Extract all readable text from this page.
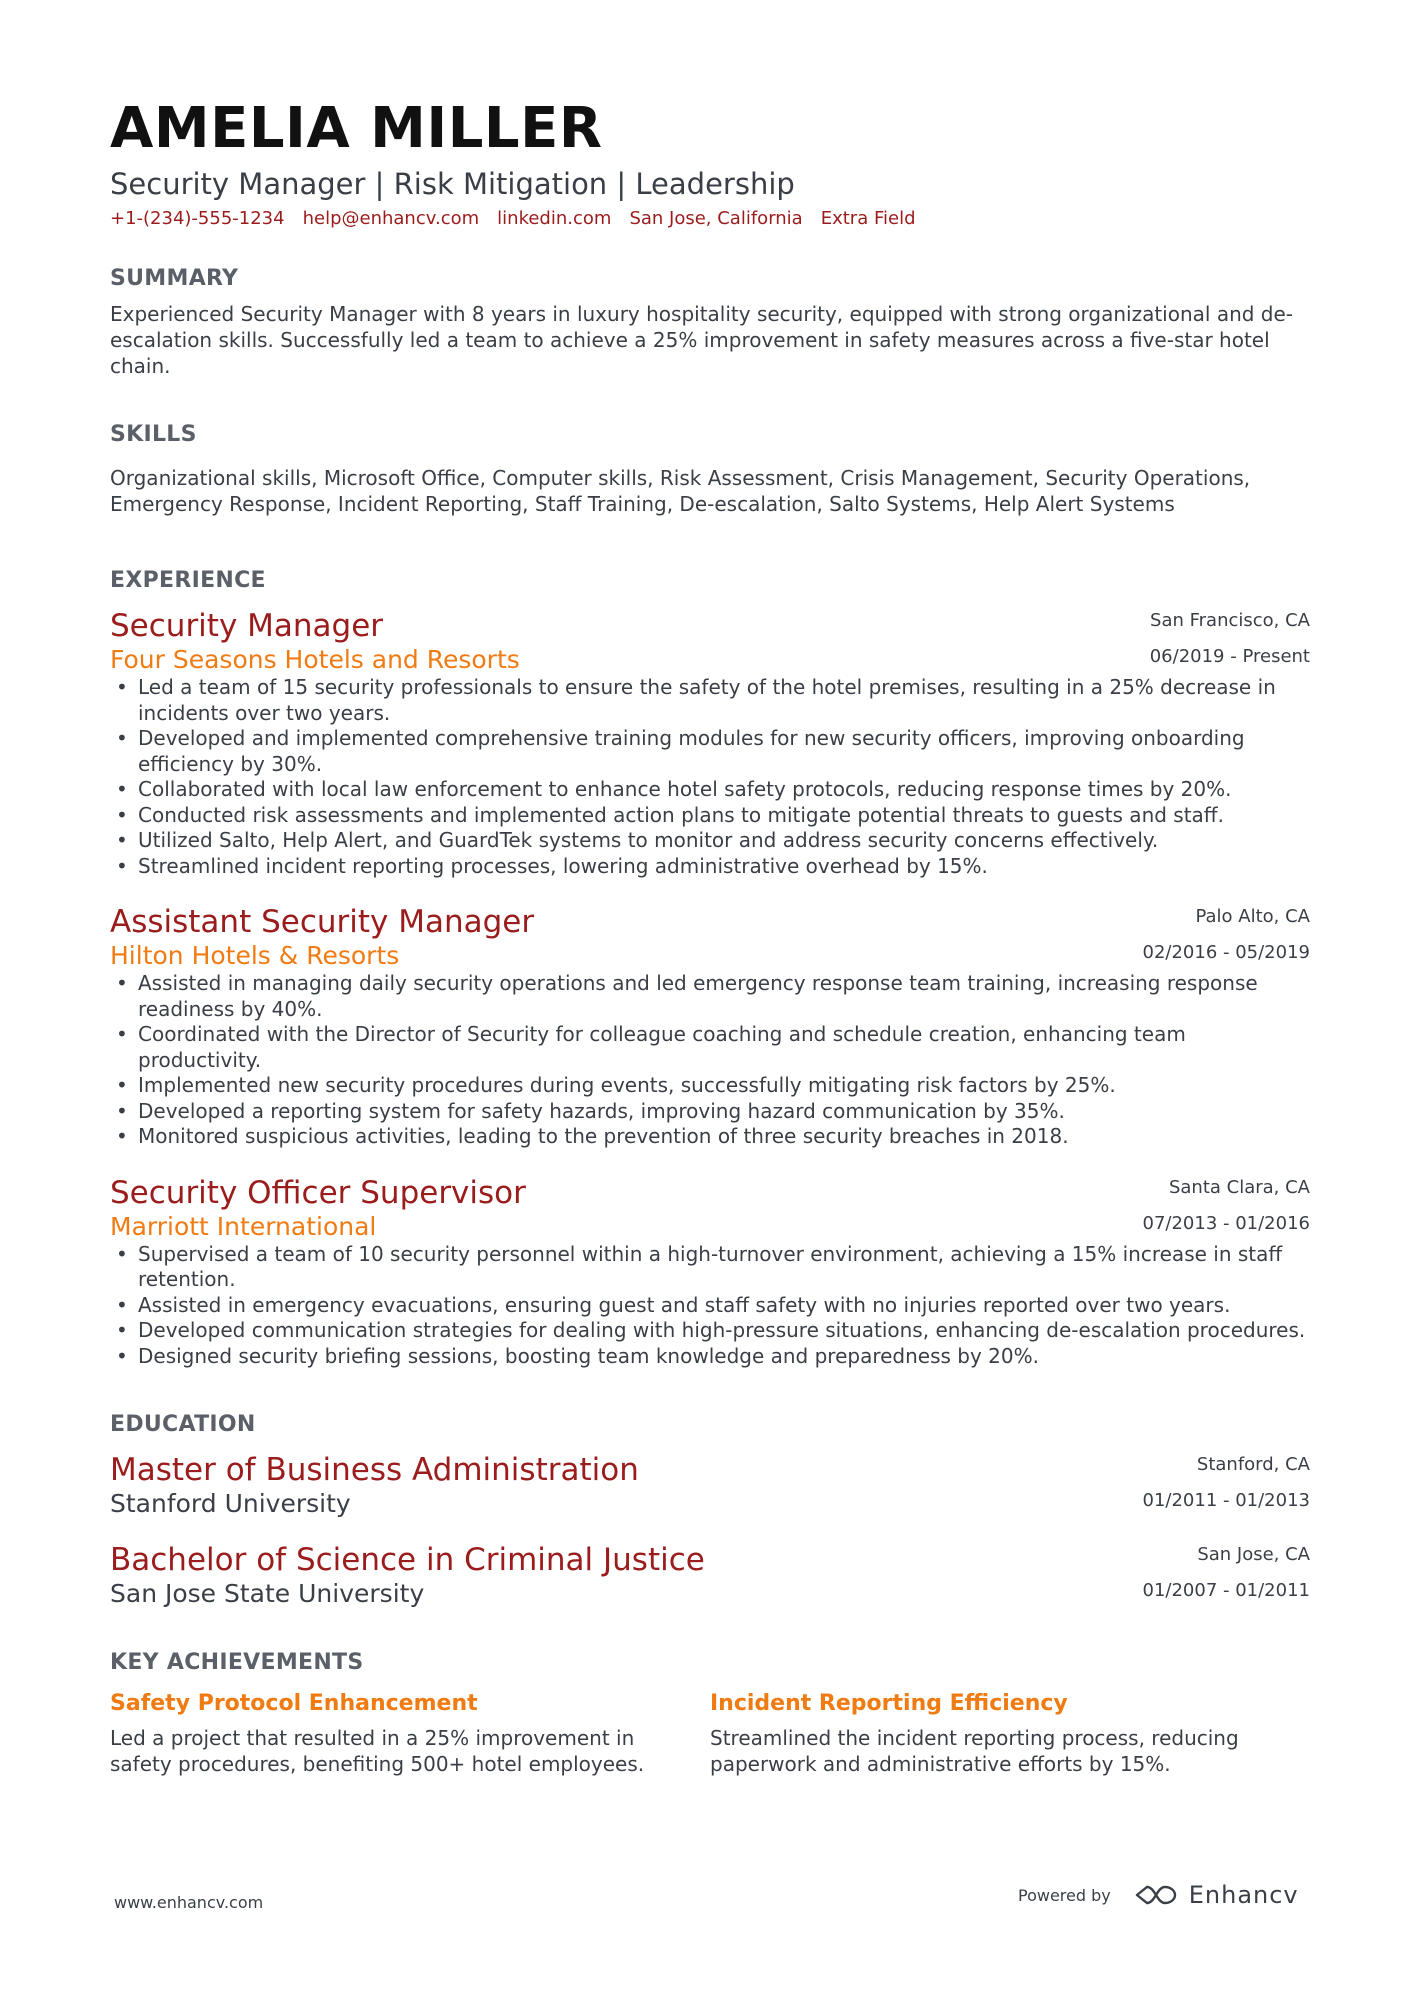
AMELIA MILLER
Security Manager | Risk Mitigation | Leadership
+1-(234)-555-1234 help@enhancv.com linkedin.com San Jose, California Extra Field
SUMMARY
Experienced Security Manager with 8 years in luxury hospitality security, equipped with strong organizational and de-escalation skills. Successfully led a team to achieve a 25% improvement in safety measures across a five-star hotel chain.
SKILLS
Organizational skills, Microsoft Office, Computer skills, Risk Assessment, Crisis Management, Security Operations, Emergency Response, Incident Reporting, Staff Training, De-escalation, Salto Systems, Help Alert Systems
EXPERIENCE
Security Manager
Four Seasons Hotels and Resorts
San Francisco, CA
06/2019 - Present
• Led a team of 15 security professionals to ensure the safety of the hotel premises, resulting in a 25% decrease in incidents over two years.
• Developed and implemented comprehensive training modules for new security officers, improving onboarding efficiency by 30%.
• Collaborated with local law enforcement to enhance hotel safety protocols, reducing response times by 20%.
• Conducted risk assessments and implemented action plans to mitigate potential threats to guests and staff.
• Utilized Salto, Help Alert, and GuardTek systems to monitor and address security concerns effectively.
• Streamlined incident reporting processes, lowering administrative overhead by 15%.
Assistant Security Manager
Hilton Hotels & Resorts
Palo Alto, CA
02/2016 - 05/2019
• Assisted in managing daily security operations and led emergency response team training, increasing response readiness by 40%.
• Coordinated with the Director of Security for colleague coaching and schedule creation, enhancing team productivity.
• Implemented new security procedures during events, successfully mitigating risk factors by 25%.
• Developed a reporting system for safety hazards, improving hazard communication by 35%.
• Monitored suspicious activities, leading to the prevention of three security breaches in 2018.
Security Officer Supervisor
Marriott International
Santa Clara, CA
07/2013 - 01/2016
• Supervised a team of 10 security personnel within a high-turnover environment, achieving a 15% increase in staff retention.
• Assisted in emergency evacuations, ensuring guest and staff safety with no injuries reported over two years.
• Developed communication strategies for dealing with high-pressure situations, enhancing de-escalation procedures.
• Designed security briefing sessions, boosting team knowledge and preparedness by 20%.
EDUCATION
Master of Business Administration
Stanford University
Stanford, CA
01/2011 - 01/2013
Bachelor of Science in Criminal Justice
San Jose State University
San Jose, CA
01/2007 - 01/2011
KEY ACHIEVEMENTS
Safety Protocol Enhancement
Led a project that resulted in a 25% improvement in safety procedures, benefiting 500+ hotel employees.
Incident Reporting Efficiency
Streamlined the incident reporting process, reducing paperwork and administrative efforts by 15%.
www.enhancv.com	Powered by	Enhancv
